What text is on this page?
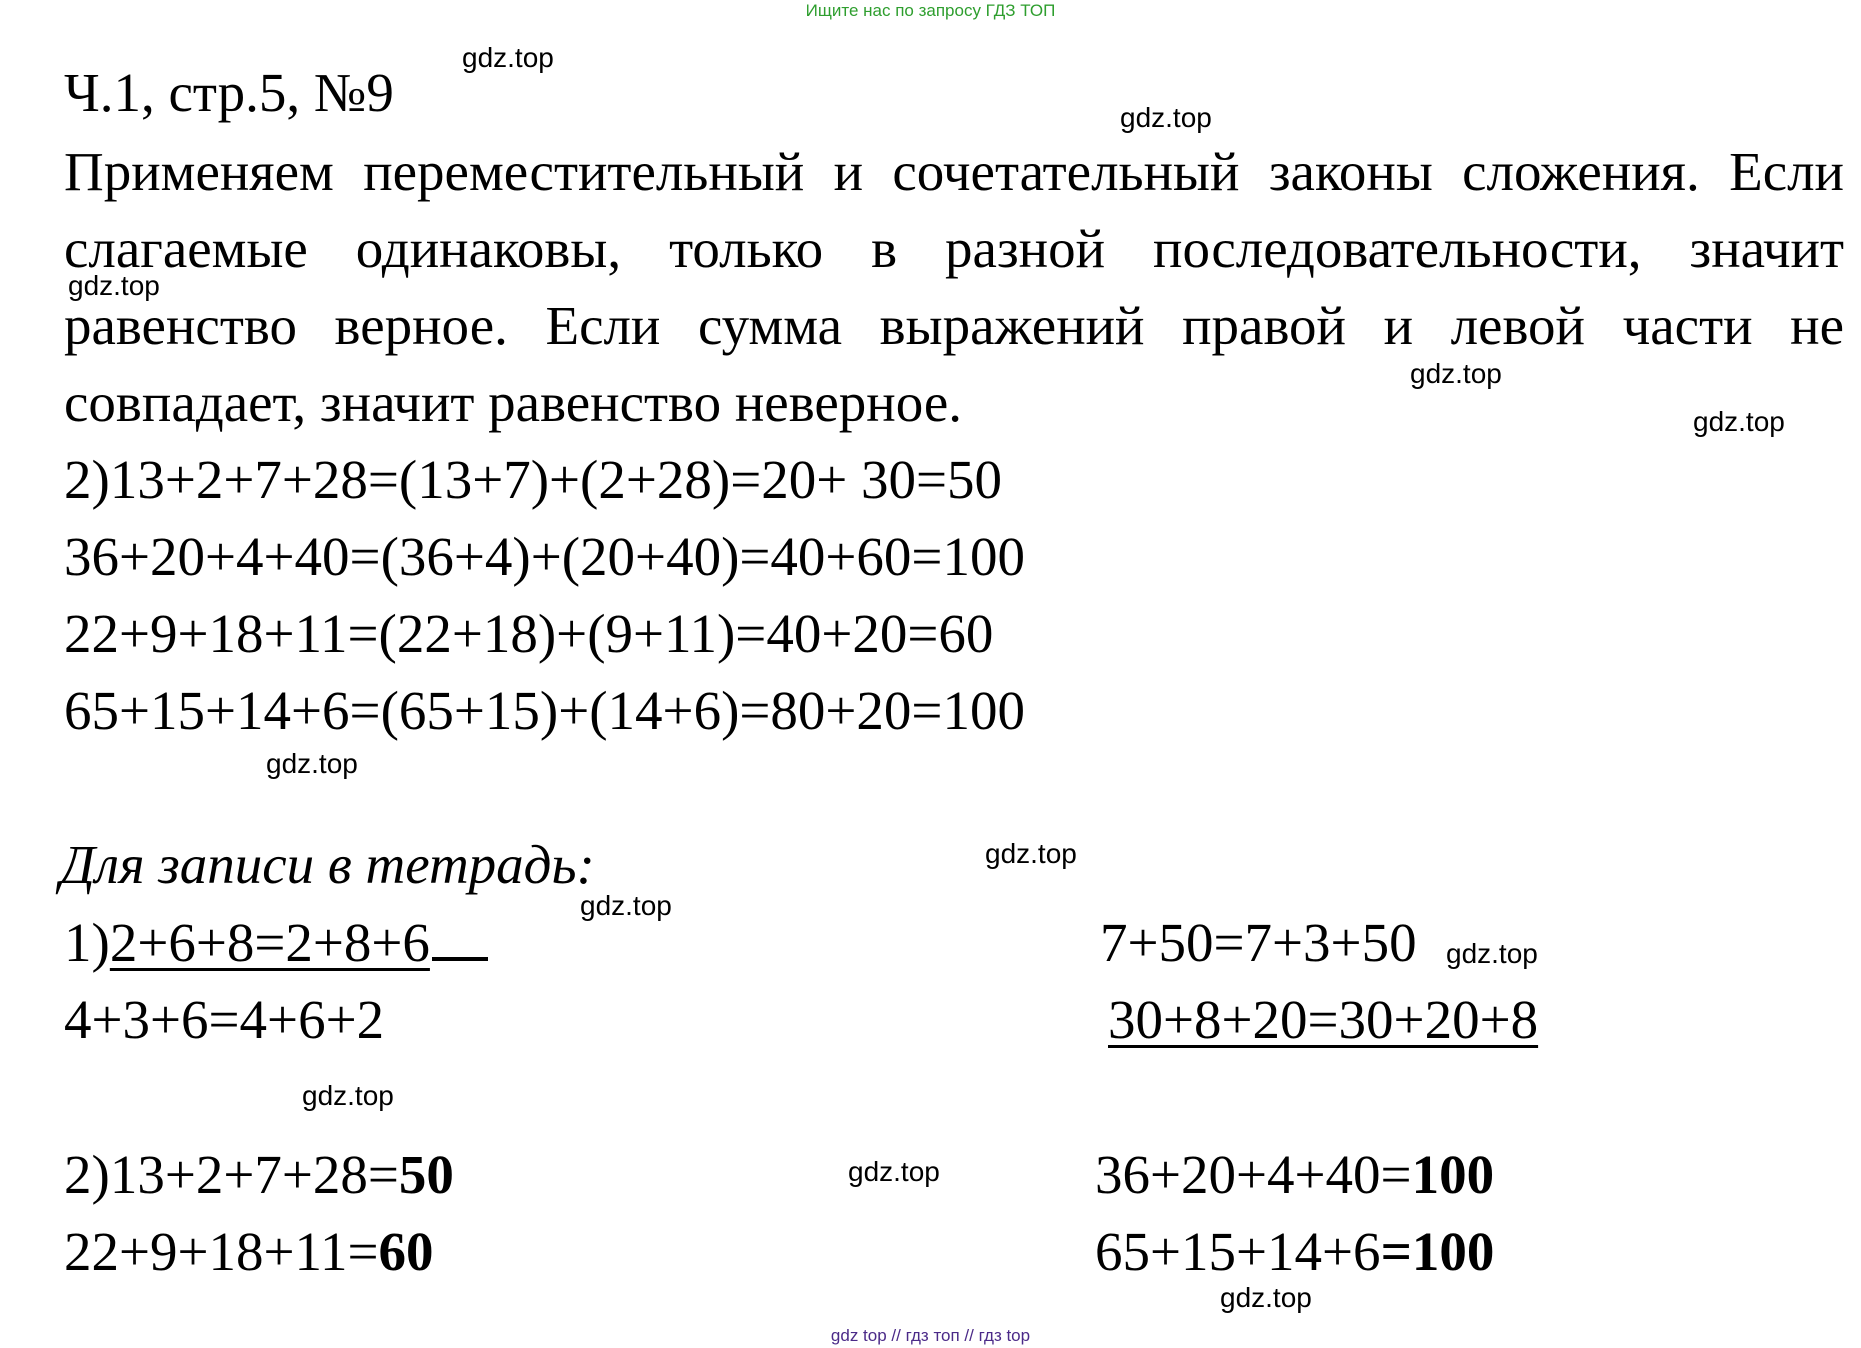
Ищите нас по запросу ГДЗ ТОП
Ч.1, стр.5, №9
Применяем переместительный и сочетательный законы сложения. Если слагаемые одинаковы, только в разной последовательности, значит равенство верное. Если сумма выражений правой и левой части не совпадает, значит равенство неверное.
2)13+2+7+28=(13+7)+(2+28)=20+ 30=50
36+20+4+40=(36+4)+(20+40)=40+60=100
22+9+18+11=(22+18)+(9+11)=40+20=60
65+15+14+6=(65+15)+(14+6)=80+20=100
Для записи в тетрадь:
1)2+6+8=2+8+6
4+3+6=4+6+2
7+50=7+3+50
30+8+20=30+20+8
2)13+2+7+28=50
22+9+18+11=60
36+20+4+40=100
65+15+14+6=100
gdz.top
gdz.top
gdz.top
gdz.top
gdz.top
gdz.top
gdz.top
gdz.top
gdz.top
gdz.top
gdz.top
gdz.top
gdz top // гдз топ // гдз top
